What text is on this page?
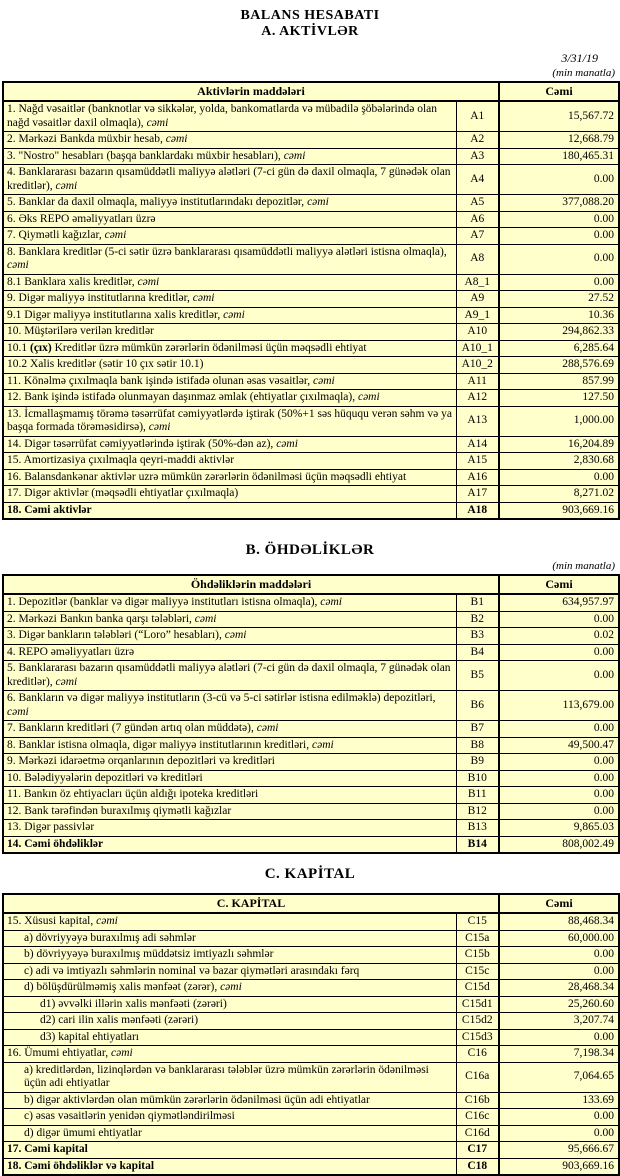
BALANS HESABATI
A. AKTİVLƏR
3/31/19
(min manatla)
Aktivlərin maddələri		Cəmi
1. Nağd vəsaitlər (banknotlar və sikkələr, yolda, bankomatlarda və mübadilə şöbələrində olan nağd vəsaitlər daxil olmaqla), cəmi	A1	15,567.72
2. Mərkəzi Bankda müxbir hesab, cəmi	A2	12,668.79
3. "Nostro" hesabları (başqa banklardakı müxbir hesabları), cəmi	A3	180,465.31
4. Banklararası bazarın qısamüddətli maliyyə alətləri (7-ci gün də daxil olmaqla, 7 günədək olan kreditlər), cəmi	A4	0.00
5. Banklar da daxil olmaqla, maliyyə institutlarındakı depozitlər, cəmi	A5	377,088.20
6. Əks REPO əməliyyatları üzrə	A6	0.00
7. Qiymətli kağızlar, cəmi	A7	0.00
8. Banklara kreditlər (5-ci sətir üzrə banklararası qısamüddətli maliyyə alətləri istisna olmaqla), cəmi	A8	0.00
8.1 Banklara xalis kreditlər, cəmi	A8_1	0.00
9. Digər maliyyə institutlarına kreditlər, cəmi	A9	27.52
9.1 Digər maliyyə institutlarına xalis kreditlər, cəmi	A9_1	10.36
10. Müştərilərə verilən kreditlər	A10	294,862.33
10.1 (çıx) Kreditlər üzrə mümkün zərərlərin ödənilməsi üçün məqsədli ehtiyat	A10_1	6,285.64
10.2 Xalis kreditlər (sətir 10 çıx sətir 10.1)	A10_2	288,576.69
11. Könəlmə çıxılmaqla bank işində istifadə olunan əsas vəsaitlər, cəmi	A11	857.99
12. Bank işində istifadə olunmayan daşınmaz əmlak (ehtiyatlar çıxılmaqla), cəmi	A12	127.50
13. İcmallaşmamış törəmə təsərrüfat cəmiyyətlərdə iştirak (50%+1 səs hüququ verən səhm və ya başqa formada törəməsidirsə), cəmi	A13	1,000.00
14. Digər təsərrüfat cəmiyyətlərində iştirak (50%-dən az), cəmi	A14	16,204.89
15. Amortizasiya çıxılmaqla qeyri-maddi aktivlər	A15	2,830.68
16. Balansdankənar aktivlər uzrə mümkün zərərlərin ödənilməsi üçün məqsədli ehtiyat	A16	0.00
17. Digər aktivlər (məqsədli ehtiyatlar çıxılmaqla)	A17	8,271.02
18. Cəmi aktivlər	A18	903,669.16
B. ÖHDƏLİKLƏR
(min manatla)
Öhdəliklərin maddələri		Cəmi
1. Depozitlər (banklar və digər maliyyə institutları istisna olmaqla), cəmi	B1	634,957.97
2. Mərkəzi Bankın banka qarşı tələbləri, cəmi	B2	0.00
3. Digər bankların tələbləri (“Loro” hesabları), cəmi	B3	0.02
4. REPO əməliyyatları üzrə	B4	0.00
5. Banklararası bazarın qısamüddətli maliyyə alətləri (7-ci gün də daxil olmaqla, 7 günədək olan kreditlər), cəmi	B5	0.00
6. Bankların və digər maliyyə institutların (3-cü və 5-ci sətirlər istisna edilməklə) depozitləri, cəmi	B6	113,679.00
7. Bankların kreditləri (7 gündən artıq olan müddətə), cəmi	B7	0.00
8. Banklar istisna olmaqla, digər maliyyə institutlarının kreditləri, cəmi	B8	49,500.47
9. Mərkəzi idarəetmə orqanlarının depozitləri və kreditləri	B9	0.00
10. Bələdiyyələrin depozitləri və kreditləri	B10	0.00
11. Bankın öz ehtiyacları üçün aldığı ipoteka kreditləri	B11	0.00
12. Bank tərəfindən buraxılmış qiymətli kağızlar	B12	0.00
13. Digər passivlər	B13	9,865.03
14. Cəmi öhdəliklər	B14	808,002.49
C. KAPİTAL
C. KAPİTAL		Cəmi
15. Xüsusi kapital, cəmi	C15	88,468.34
a) dövriyyəyə buraxılmış adi səhmlər	C15a	60,000.00
b) dövriyyəyə buraxılmış müddətsiz imtiyazlı səhmlər	C15b	0.00
c) adi və imtiyazlı səhmlərin nominal və bazar qiymətləri arasındakı fərq	C15c	0.00
d) bölüşdürülməmiş xalis mənfəət (zərər), cəmi	C15d	28,468.34
d1) əvvəlki illərin xalis mənfəəti (zərəri)	C15d1	25,260.60
d2) cari ilin xalis mənfəəti (zərəri)	C15d2	3,207.74
d3) kapital ehtiyatları	C15d3	0.00
16. Ümumi ehtiyatlar, cəmi	C16	7,198.34
a) kreditlərdən, lizinqlərdən və banklararası tələblər üzrə mümkün zərərlərin ödənilməsi üçün adi ehtiyatlar	C16a	7,064.65
b) digər aktivlərdən olan mümkün zərərlərin ödənilməsi üçün adi ehtiyatlar	C16b	133.69
c) əsas vəsaitlərin yenidən qiymətləndirilməsi	C16c	0.00
d) digər ümumi ehtiyatlar	C16d	0.00
17. Cəmi kapital	C17	95,666.67
18. Cəmi öhdəliklər və kapital	C18	903,669.16
